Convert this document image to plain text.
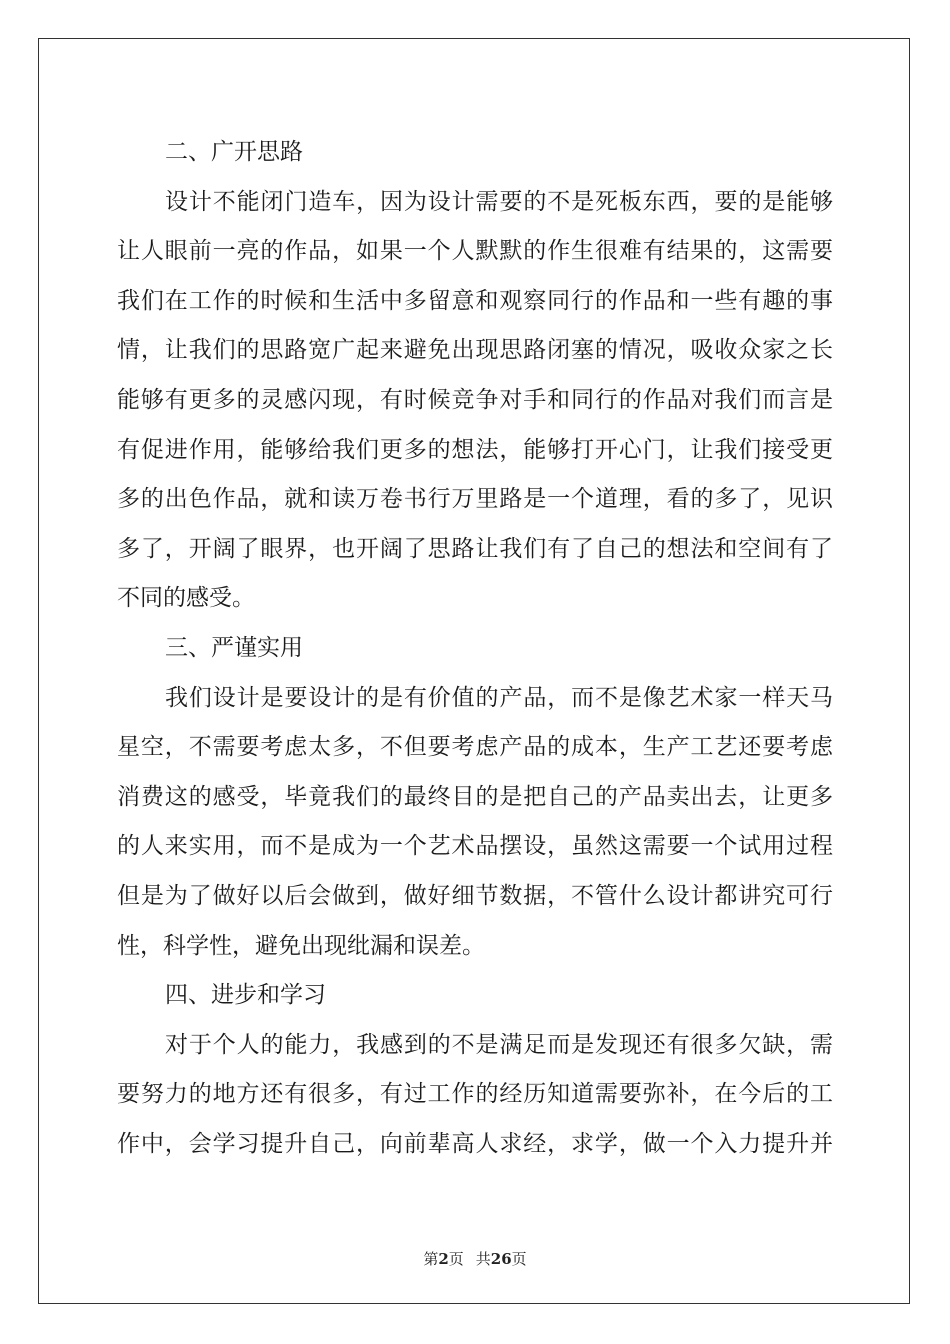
二、广开思路
设计不能闭门造车，因为设计需要的不是死板东西，要的是能够
让人眼前一亮的作品，如果一个人默默的作生很难有结果的，这需要
我们在工作的时候和生活中多留意和观察同行的作品和一些有趣的事
情，让我们的思路宽广起来避免出现思路闭塞的情况，吸收众家之长
能够有更多的灵感闪现，有时候竞争对手和同行的作品对我们而言是
有促进作用，能够给我们更多的想法，能够打开心门，让我们接受更
多的出色作品，就和读万卷书行万里路是一个道理，看的多了，见识
多了，开阔了眼界，也开阔了思路让我们有了自己的想法和空间有了
不同的感受。
三、严谨实用
我们设计是要设计的是有价值的产品，而不是像艺术家一样天马
星空，不需要考虑太多，不但要考虑产品的成本，生产工艺还要考虑
消费这的感受，毕竟我们的最终目的是把自己的产品卖出去，让更多
的人来实用，而不是成为一个艺术品摆设，虽然这需要一个试用过程
但是为了做好以后会做到，做好细节数据，不管什么设计都讲究可行
性，科学性，避免出现纰漏和误差。
四、进步和学习
对于个人的能力，我感到的不是满足而是发现还有很多欠缺，需
要努力的地方还有很多，有过工作的经历知道需要弥补，在今后的工
作中，会学习提升自己，向前辈高人求经，求学，做一个入力提升并
第2页 共26页
